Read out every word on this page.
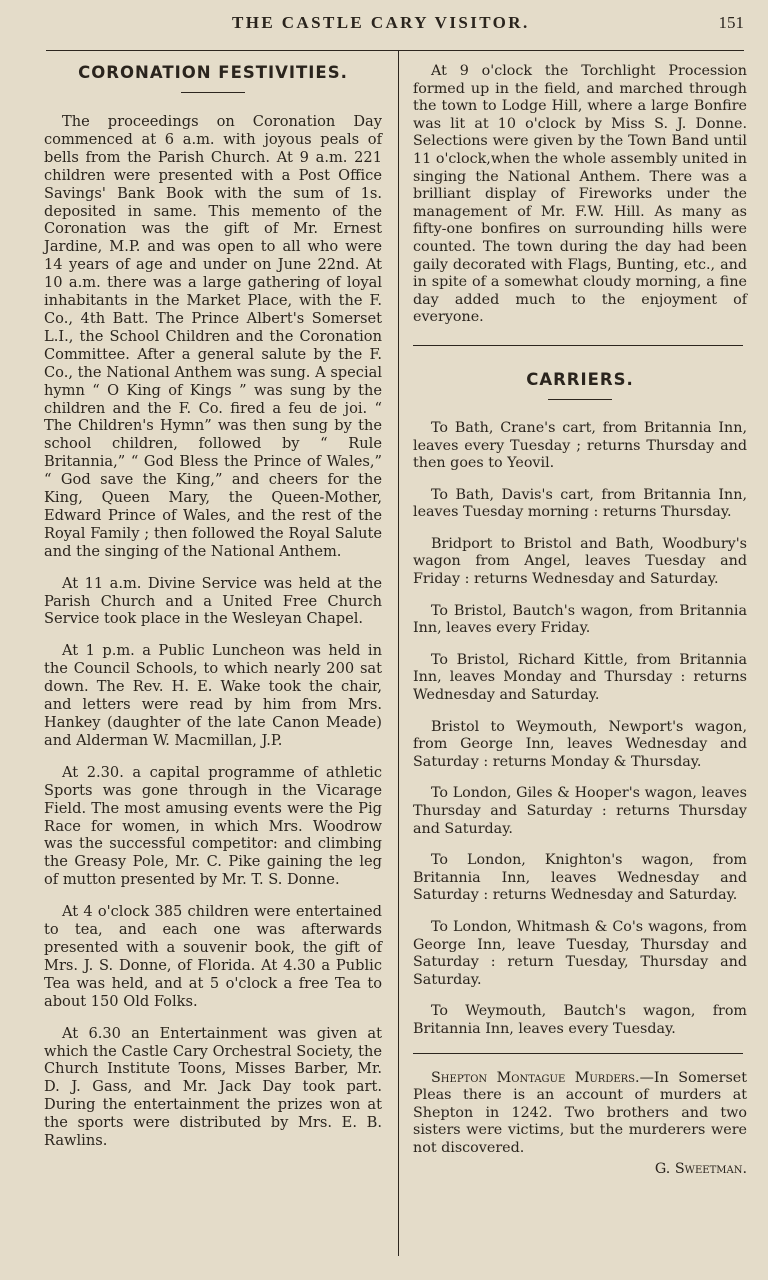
THE CASTLE CARY VISITOR.	151
CORONATION FESTIVITIES.

The proceedings on Coronation Day commenced at 6 a.m. with joyous peals of bells from the Parish Church. At 9 a.m. 221 children were presented with a Post Office Savings' Bank Book with the sum of 1s. deposited in same. This memento of the Coronation was the gift of Mr. Ernest Jardine, M.P. and was open to all who were 14 years of age and under on June 22nd. At 10 a.m. there was a large gathering of loyal inhabitants in the Market Place, with the F. Co., 4th Batt. The Prince Albert's Somerset L.I., the School Children and the Coronation Committee. After a general salute by the F. Co., the National Anthem was sung. A special hymn “ O King of Kings ” was sung by the children and the F. Co. fired a feu de joi. “ The Children's Hymn” was then sung by the school children, followed by “ Rule Britannia,” “ God Bless the Prince of Wales,” “ God save the King,” and cheers for the King, Queen Mary, the Queen-Mother, Edward Prince of Wales, and the rest of the Royal Family ; then followed the Royal Salute and the singing of the National Anthem.

At 11 a.m. Divine Service was held at the Parish Church and a United Free Church Service took place in the Wesleyan Chapel.

At 1 p.m. a Public Luncheon was held in the Council Schools, to which nearly 200 sat down. The Rev. H. E. Wake took the chair, and letters were read by him from Mrs. Hankey (daughter of the late Canon Meade) and Alderman W. Macmillan, J.P.

At 2.30. a capital programme of athletic Sports was gone through in the Vicarage Field. The most amusing events were the Pig Race for women, in which Mrs. Woodrow was the successful competitor: and climbing the Greasy Pole, Mr. C. Pike gaining the leg of mutton presented by Mr. T. S. Donne.

At 4 o'clock 385 children were entertained to tea, and each one was afterwards presented with a souvenir book, the gift of Mrs. J. S. Donne, of Florida. At 4.30 a Public Tea was held, and at 5 o'clock a free Tea to about 150 Old Folks.

At 6.30 an Entertainment was given at which the Castle Cary Orchestral Society, the Church Institute Toons, Misses Barber, Mr. D. J. Gass, and Mr. Jack Day took part. During the entertainment the prizes won at the sports were distributed by Mrs. E. B. Rawlins.

At 9 o'clock the Torchlight Procession formed up in the field, and marched through the town to Lodge Hill, where a large Bonfire was lit at 10 o'clock by Miss S. J. Donne. Selections were given by the Town Band until 11 o'clock,when the whole assembly united in singing the National Anthem. There was a brilliant display of Fireworks under the management of Mr. F.W. Hill. As many as fifty-one bonfires on surrounding hills were counted. The town during the day had been gaily decorated with Flags, Bunting, etc., and in spite of a somewhat cloudy morning, a fine day added much to the enjoyment of everyone.

CARRIERS.

To Bath, Crane's cart, from Britannia Inn, leaves every Tuesday ; returns Thursday and then goes to Yeovil.

To Bath, Davis's cart, from Britannia Inn, leaves Tuesday morning : returns Thursday.

Bridport to Bristol and Bath, Woodbury's wagon from Angel, leaves Tuesday and Friday : returns Wednesday and Saturday.

To Bristol, Bautch's wagon, from Britannia Inn, leaves every Friday.

To Bristol, Richard Kittle, from Britannia Inn, leaves Monday and Thursday : returns Wednesday and Saturday.

Bristol to Weymouth, Newport's wagon, from George Inn, leaves Wednesday and Saturday : returns Monday & Thursday.

To London, Giles & Hooper's wagon, leaves Thursday and Saturday : returns Thursday and Saturday.

To London, Knighton's wagon, from Britannia Inn, leaves Wednesday and Saturday : returns Wednesday and Saturday.

To London, Whitmash & Co's wagons, from George Inn, leave Tuesday, Thursday and Saturday : return Tuesday, Thursday and Saturday.

To Weymouth, Bautch's wagon, from Britannia Inn, leaves every Tuesday.

Shepton Montague Murders.—In Somerset Pleas there is an account of murders at Shepton in 1242. Two brothers and two sisters were victims, but the murderers were not discovered.

G. Sweetman.
